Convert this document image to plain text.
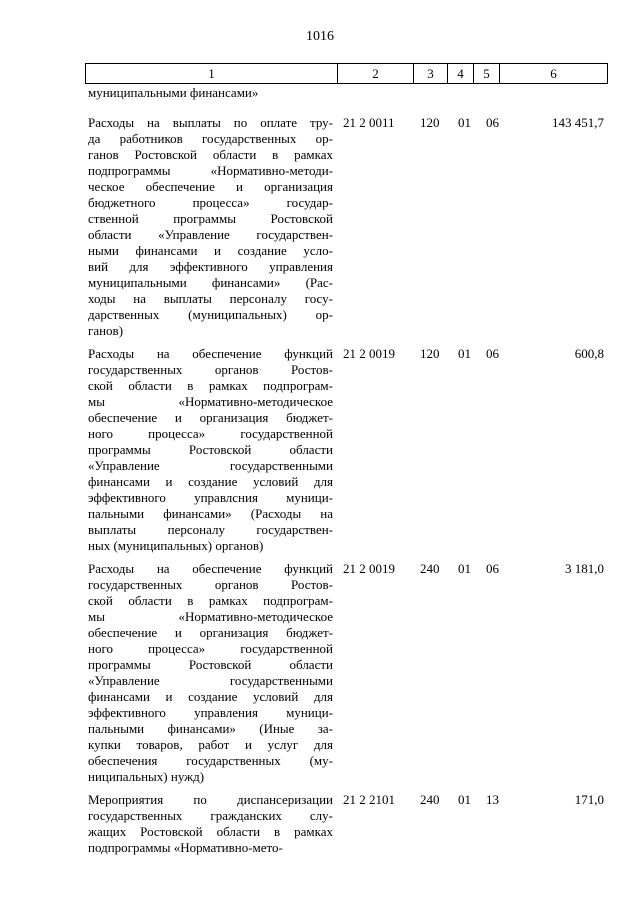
1016
1	2	3	4	5	6
муниципальными финансами»
Расходы на выплаты по оплате тру-
да работников государственных ор-
ганов Ростовской области в рамках
подпрограммы «Нормативно-методи-
ческое обеспечение и организация
бюджетного процесса» государ-
ственной программы Ростовской
области «Управление государствен-
ными финансами и создание усло-
вий для эффективного управления
муниципальными финансами» (Рас-
ходы на выплаты персоналу госу-
дарственных (муниципальных) ор-
ганов)
21 2 0011	120	01	06	143 451,7
Расходы на обеспечение функций
государственных органов Ростов-
ской области в рамках подпрограм-
мы «Нормативно-методическое
обеспечение и организация бюджет-
ного процесса» государственной
программы Ростовской области
«Управление государственными
финансами и создание условий для
эффективного управлсния муници-
пальными финансами» (Расходы на
выплаты персоналу государствен-
ных (муниципальных) органов)
21 2 0019	120	01	06	600,8
Расходы на обеспечение функций
государственных органов Ростов-
ской области в рамках подпрограм-
мы «Нормативно-методическое
обеспечение и организация бюджет-
ного процесса» государственной
программы Ростовской области
«Управление государственными
финансами и создание условий для
эффективного управления муници-
пальными финансами» (Иные за-
купки товаров, работ и услуг для
обеспечения государственных (му-
ниципальных) нужд)
21 2 0019	240	01	06	3 181,0
Мероприятия по диспансеризации
государственных гражданских слу-
жащих Ростовской области в рамках
подпрограммы «Нормативно-мето-
21 2 2101	240	01	13	171,0
